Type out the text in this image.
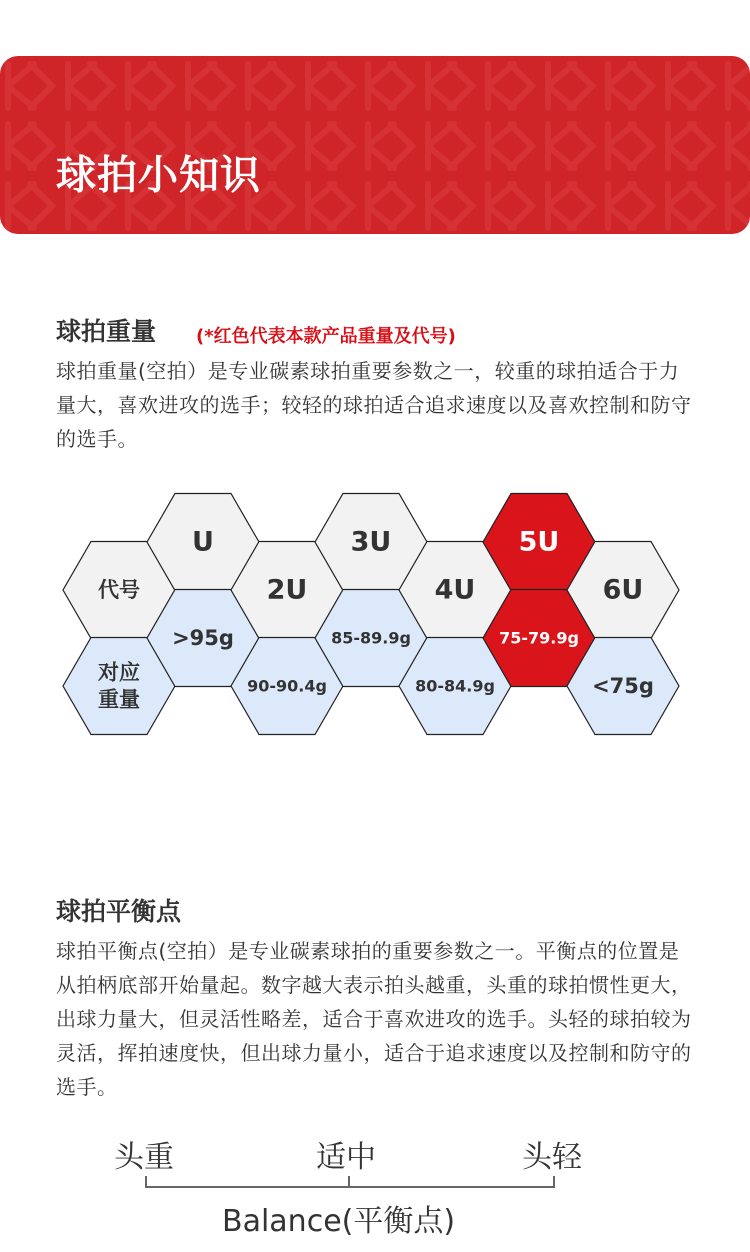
球拍小知识
球拍重量 (*红色代表本款产品重量及代号)
球拍重量(空拍）是专业碳素球拍重要参数之一，较重的球拍适合于力量大，喜欢进攻的选手；较轻的球拍适合追求速度以及喜欢控制和防守的选手。
代号
对应
重量
U
>95g
2U
90-90.4g
3U
85-89.9g
4U
80-84.9g
5U
75-79.9g
6U
<75g
球拍平衡点
球拍平衡点(空拍）是专业碳素球拍的重要参数之一。平衡点的位置是从拍柄底部开始量起。数字越大表示拍头越重，头重的球拍惯性更大，出球力量大，但灵活性略差，适合于喜欢进攻的选手。头轻的球拍较为灵活，挥拍速度快，但出球力量小，适合于追求速度以及控制和防守的选手。
头重	适中	头轻
Balance(平衡点)
